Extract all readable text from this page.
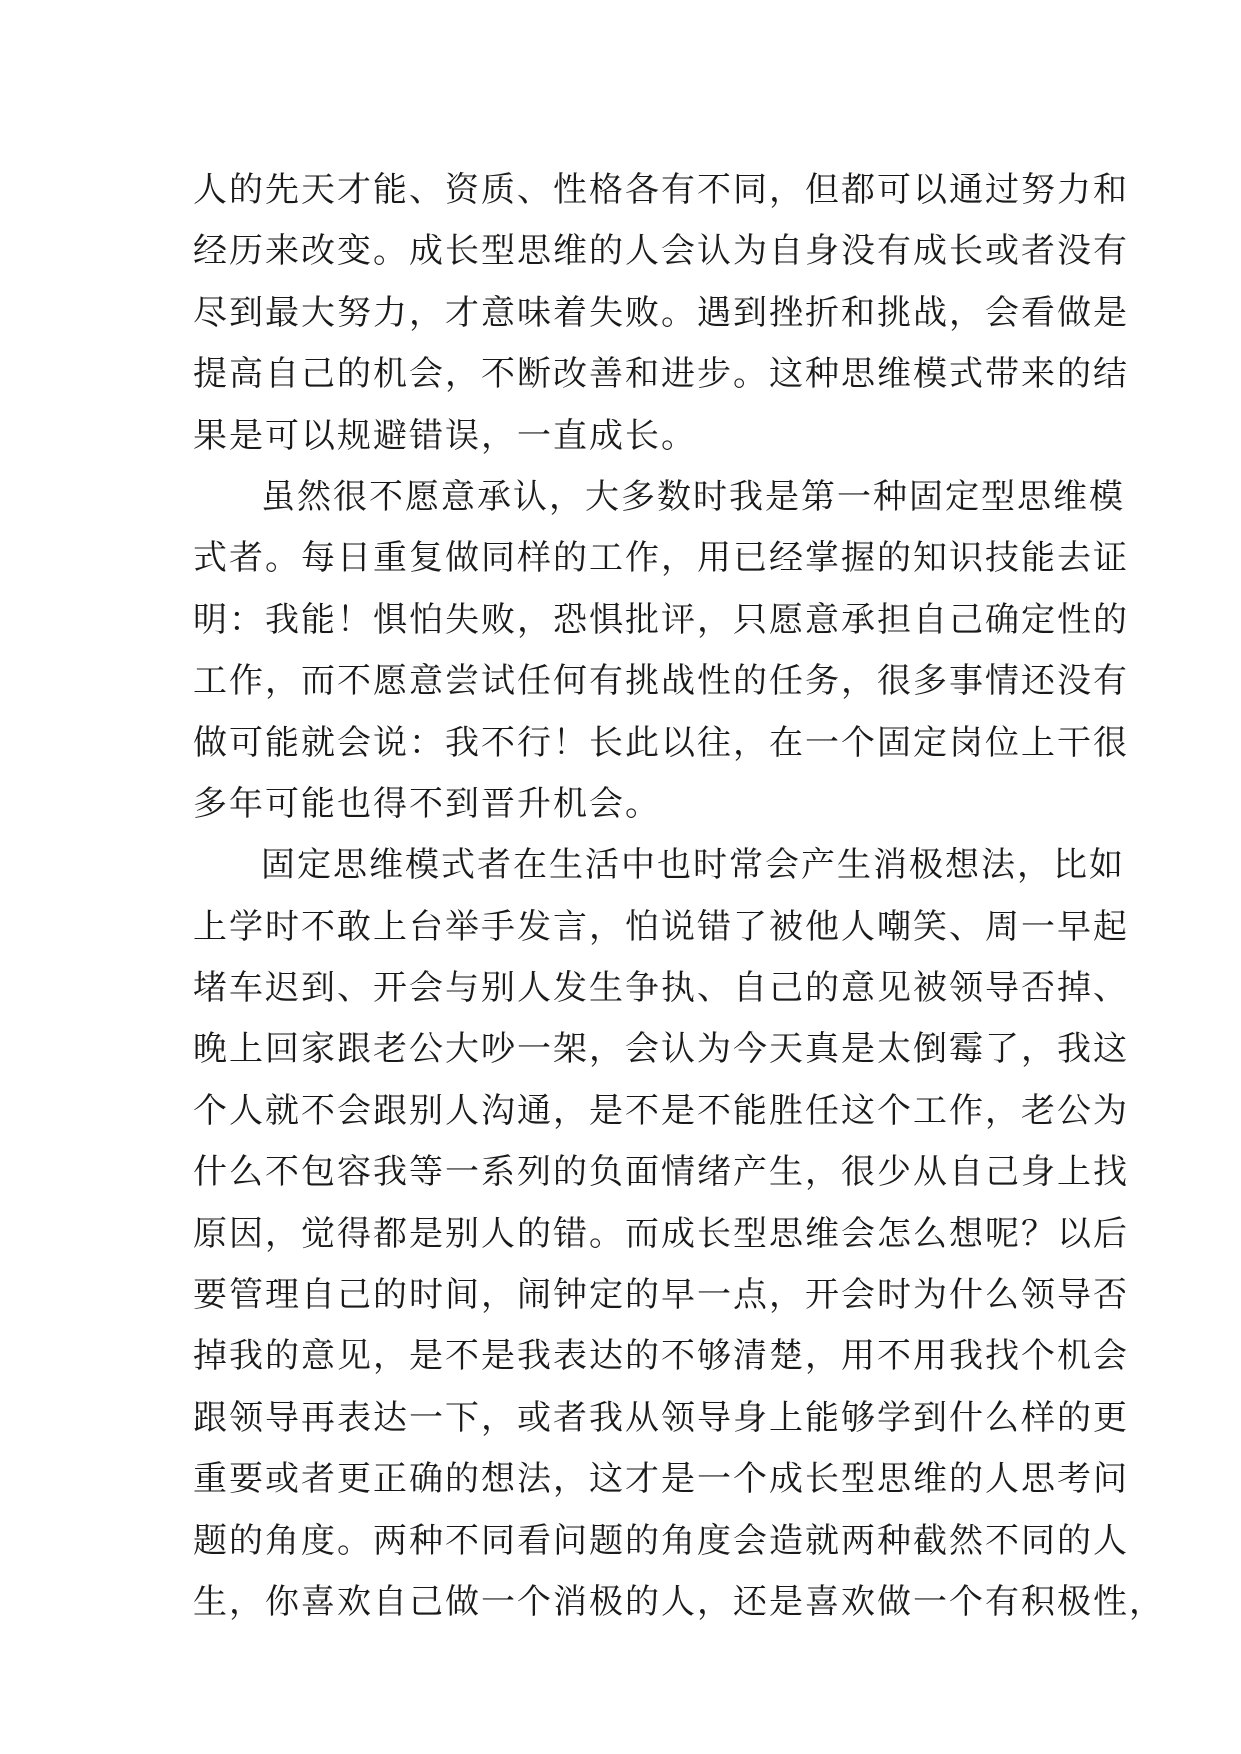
人的先天才能、资质、性格各有不同，但都可以通过努力和
经历来改变。成长型思维的人会认为自身没有成长或者没有
尽到最大努力，才意味着失败。遇到挫折和挑战，会看做是
提高自己的机会，不断改善和进步。这种思维模式带来的结
果是可以规避错误，一直成长。
虽然很不愿意承认，大多数时我是第一种固定型思维模
式者。每日重复做同样的工作，用已经掌握的知识技能去证
明：我能！惧怕失败，恐惧批评，只愿意承担自己确定性的
工作，而不愿意尝试任何有挑战性的任务，很多事情还没有
做可能就会说：我不行！长此以往，在一个固定岗位上干很
多年可能也得不到晋升机会。
固定思维模式者在生活中也时常会产生消极想法，比如
上学时不敢上台举手发言，怕说错了被他人嘲笑、周一早起
堵车迟到、开会与别人发生争执、自己的意见被领导否掉、
晚上回家跟老公大吵一架，会认为今天真是太倒霉了，我这
个人就不会跟别人沟通，是不是不能胜任这个工作，老公为
什么不包容我等一系列的负面情绪产生，很少从自己身上找
原因，觉得都是别人的错。而成长型思维会怎么想呢？以后
要管理自己的时间，闹钟定的早一点，开会时为什么领导否
掉我的意见，是不是我表达的不够清楚，用不用我找个机会
跟领导再表达一下，或者我从领导身上能够学到什么样的更
重要或者更正确的想法，这才是一个成长型思维的人思考问
题的角度。两种不同看问题的角度会造就两种截然不同的人
生，你喜欢自己做一个消极的人，还是喜欢做一个有积极性，
